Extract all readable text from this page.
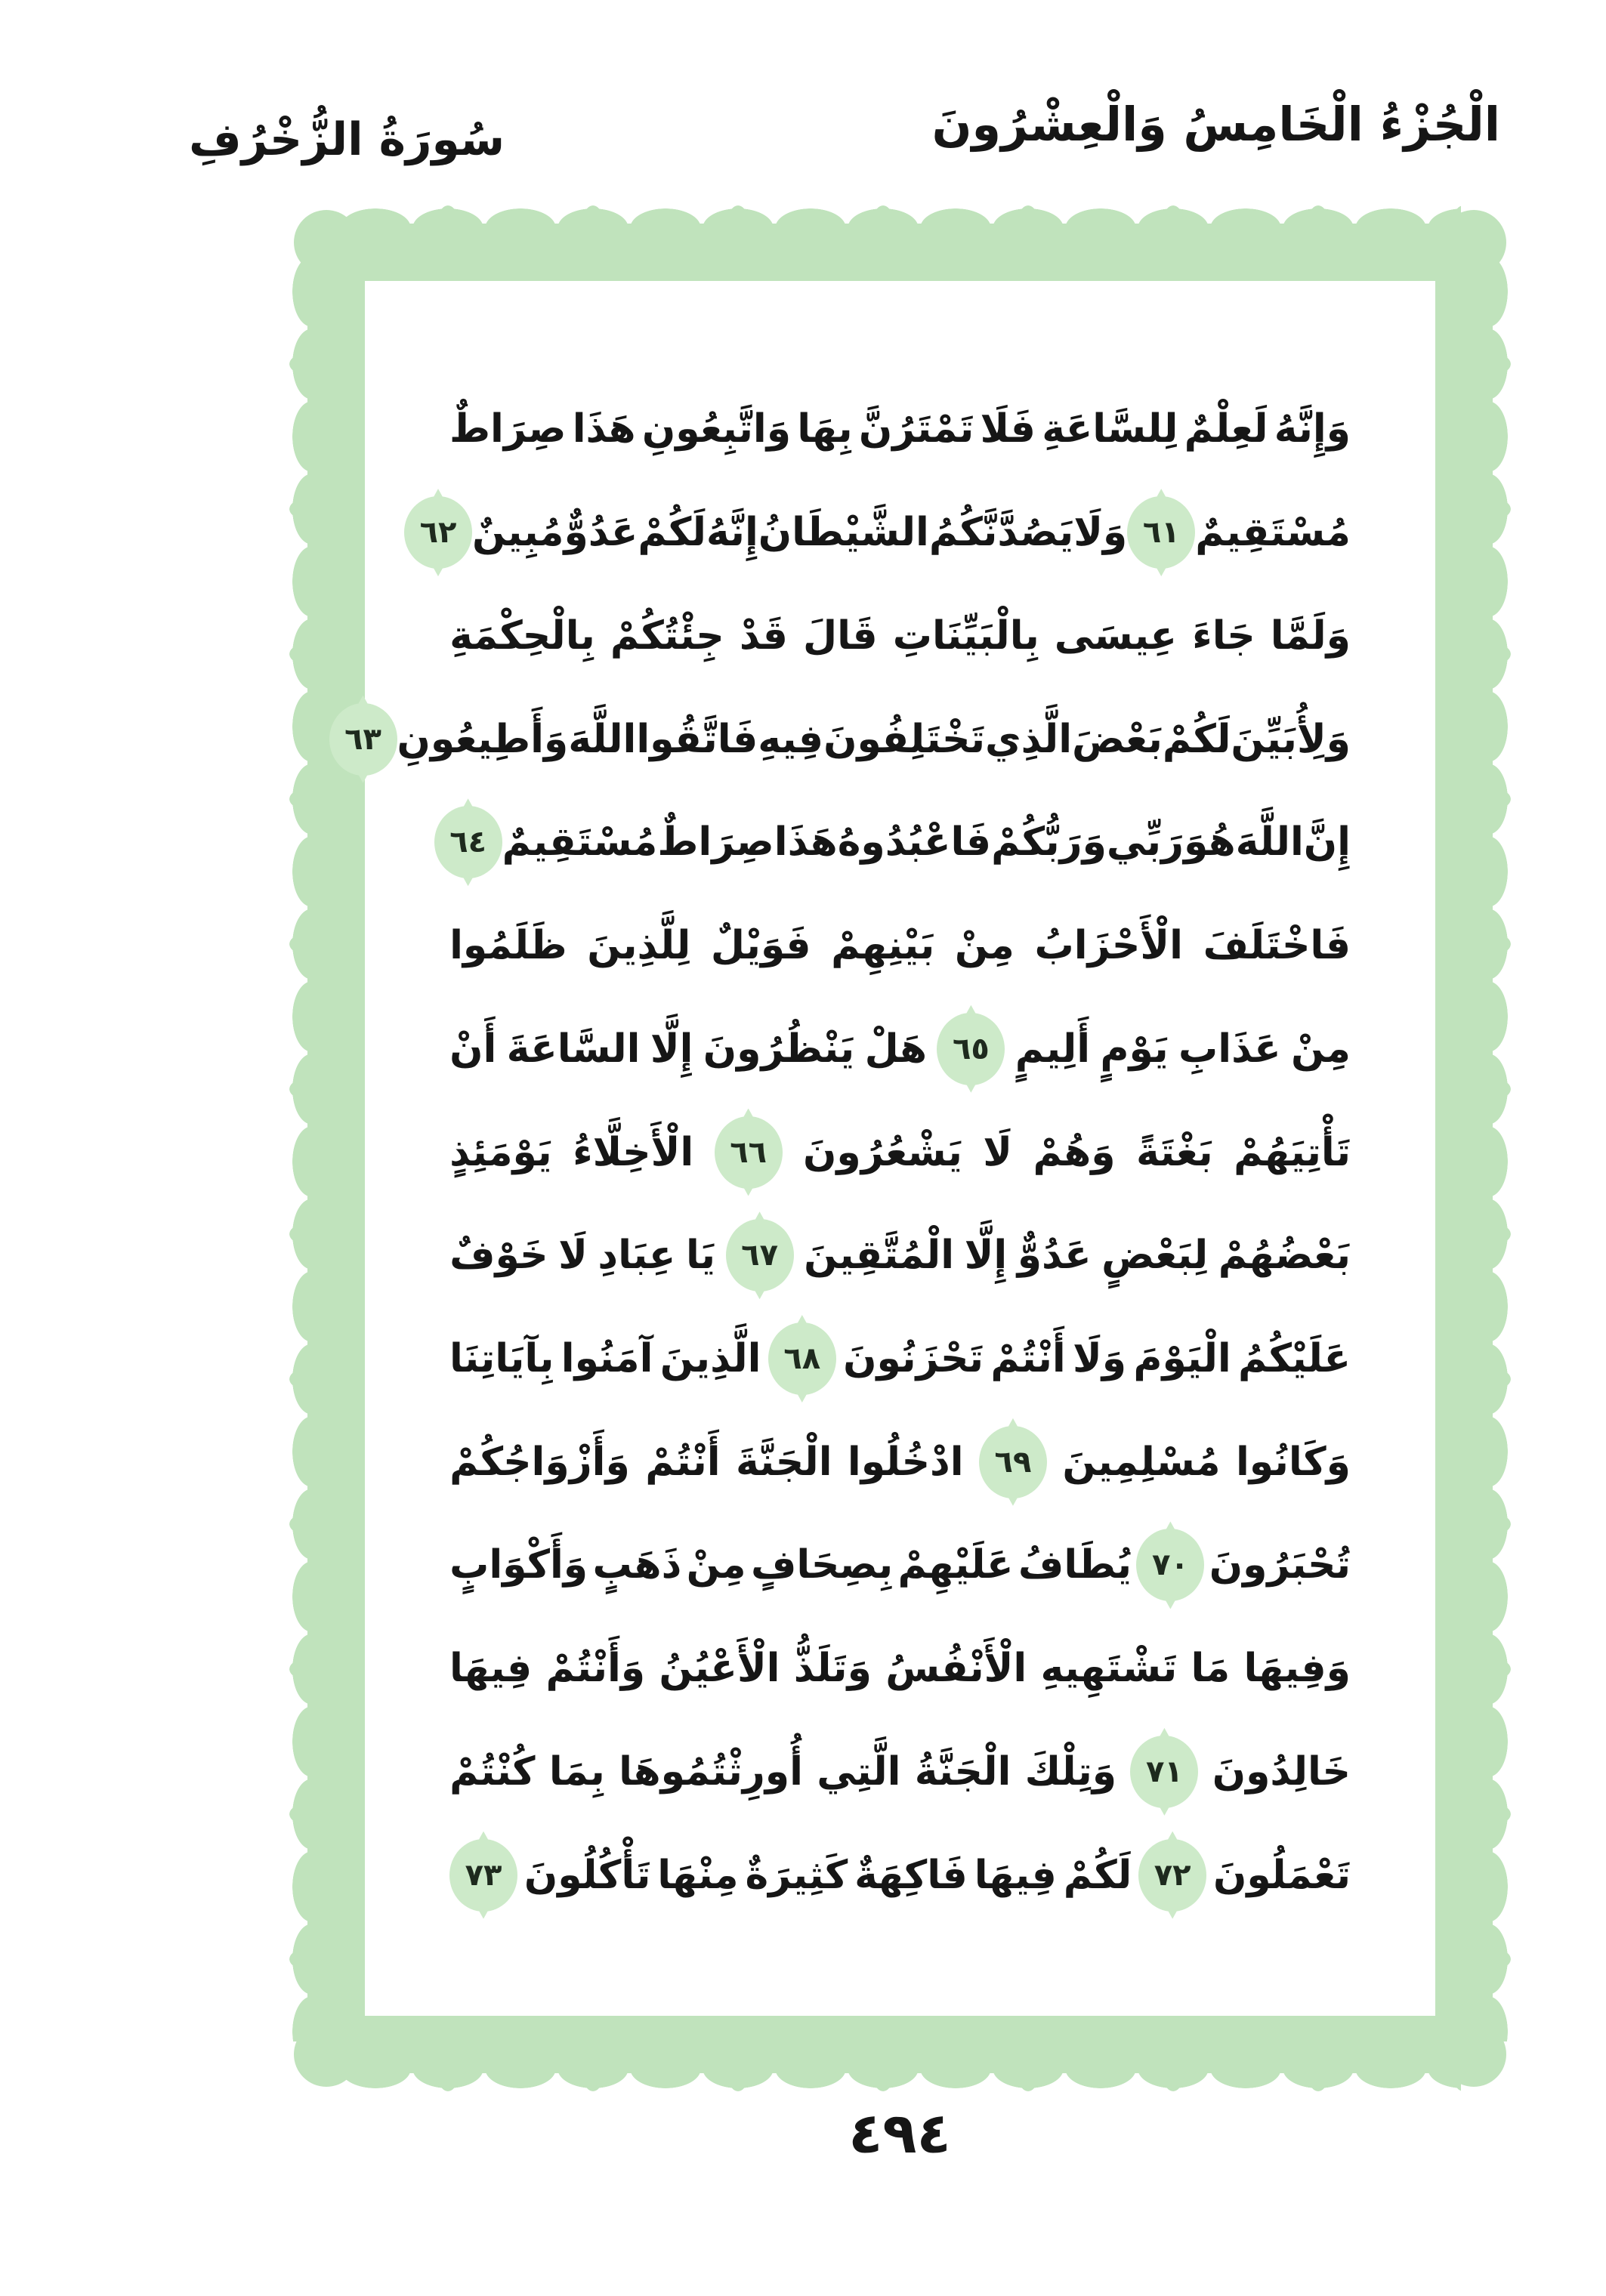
الْجُزْءُ الْخَامِسُ وَالْعِشْرُونَ
سُورَةُ الزُّخْرُفِ
وَإِنَّهُ
لَعِلْمٌ
لِلسَّاعَةِ
فَلَا
تَمْتَرُنَّ
بِهَا
وَاتَّبِعُونِ
هَذَا
صِرَاطٌ
مُسْتَقِيمٌ
٦١
وَلَا
يَصُدَّنَّكُمُ
الشَّيْطَانُ
إِنَّهُ
لَكُمْ
عَدُوٌّ
مُبِينٌ
٦٢
وَلَمَّا
جَاءَ
عِيسَى
بِالْبَيِّنَاتِ
قَالَ
قَدْ
جِئْتُكُمْ
بِالْحِكْمَةِ
وَلِأُبَيِّنَ
لَكُمْ
بَعْضَ
الَّذِي
تَخْتَلِفُونَ
فِيهِ
فَاتَّقُوا
اللَّهَ
وَأَطِيعُونِ
٦٣
إِنَّ
اللَّهَ
هُوَ
رَبِّي
وَرَبُّكُمْ
فَاعْبُدُوهُ
هَذَا
صِرَاطٌ
مُسْتَقِيمٌ
٦٤
فَاخْتَلَفَ
الْأَحْزَابُ
مِنْ
بَيْنِهِمْ
فَوَيْلٌ
لِلَّذِينَ
ظَلَمُوا
مِنْ
عَذَابِ
يَوْمٍ
أَلِيمٍ
٦٥
هَلْ
يَنْظُرُونَ
إِلَّا
السَّاعَةَ
أَنْ
تَأْتِيَهُمْ
بَغْتَةً
وَهُمْ
لَا
يَشْعُرُونَ
٦٦
الْأَخِلَّاءُ
يَوْمَئِذٍ
بَعْضُهُمْ
لِبَعْضٍ
عَدُوٌّ
إِلَّا
الْمُتَّقِينَ
٦٧
يَا
عِبَادِ
لَا
خَوْفٌ
عَلَيْكُمُ
الْيَوْمَ
وَلَا
أَنْتُمْ
تَحْزَنُونَ
٦٨
الَّذِينَ
آمَنُوا
بِآيَاتِنَا
وَكَانُوا
مُسْلِمِينَ
٦٩
ادْخُلُوا
الْجَنَّةَ
أَنْتُمْ
وَأَزْوَاجُكُمْ
تُحْبَرُونَ
٧٠
يُطَافُ
عَلَيْهِمْ
بِصِحَافٍ
مِنْ
ذَهَبٍ
وَأَكْوَابٍ
وَفِيهَا
مَا
تَشْتَهِيهِ
الْأَنْفُسُ
وَتَلَذُّ
الْأَعْيُنُ
وَأَنْتُمْ
فِيهَا
خَالِدُونَ
٧١
وَتِلْكَ
الْجَنَّةُ
الَّتِي
أُورِثْتُمُوهَا
بِمَا
كُنْتُمْ
تَعْمَلُونَ
٧٢
لَكُمْ
فِيهَا
فَاكِهَةٌ
كَثِيرَةٌ
مِنْهَا
تَأْكُلُونَ
٧٣
٤٩٤
